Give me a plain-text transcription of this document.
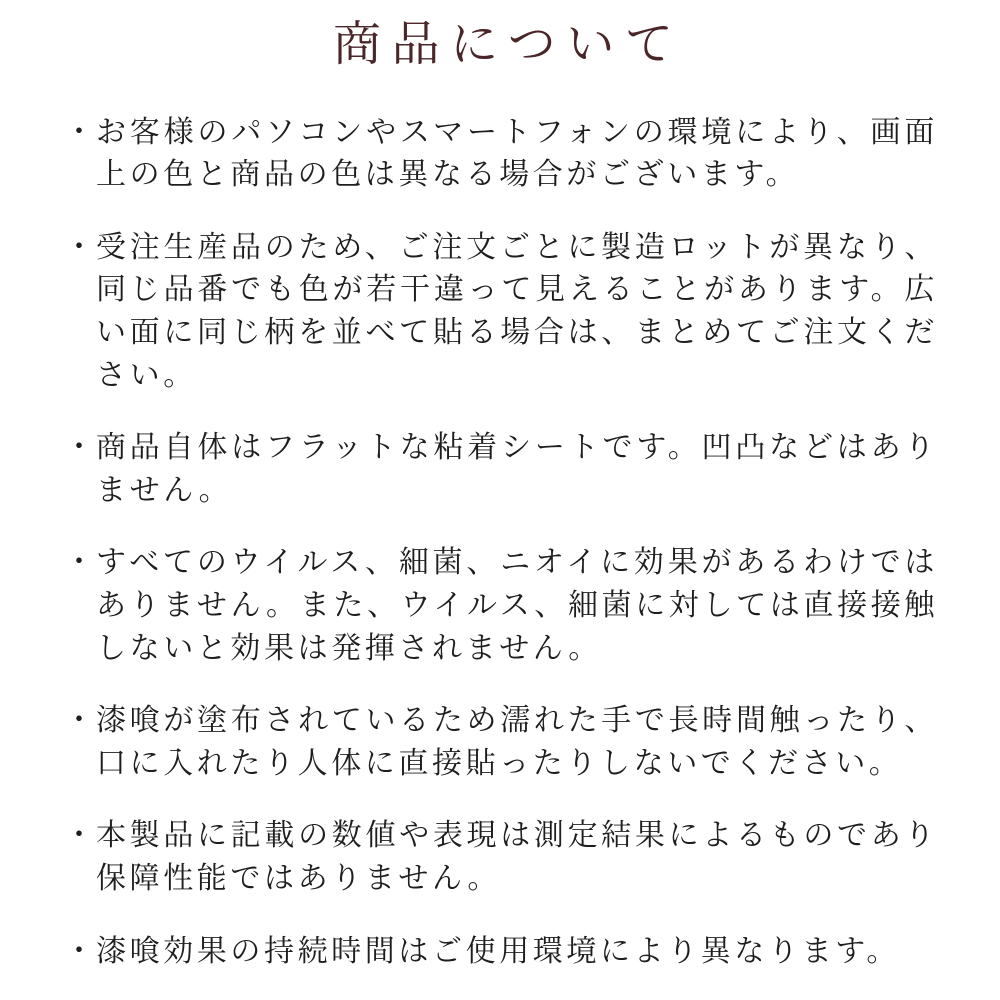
商品について
・ お客様のパソコンやスマートフォンの環境により、画面上の色と商品の色は異なる場合がございます。
・ 受注生産品のため、ご注文ごとに製造ロットが異なり、同じ品番でも色が若干違って見えることがあります。広い面に同じ柄を並べて貼る場合は、まとめてご注文ください。
・ 商品自体はフラットな粘着シートです。凹凸などはありません。
・ すべてのウイルス、細菌、ニオイに効果があるわけではありません。また、ウイルス、細菌に対しては直接接触しないと効果は発揮されません。
・ 漆喰が塗布されているため濡れた手で長時間触ったり、口に入れたり人体に直接貼ったりしないでください。
・ 本製品に記載の数値や表現は測定結果によるものであり保障性能ではありません。
・ 漆喰効果の持続時間はご使用環境により異なります。
